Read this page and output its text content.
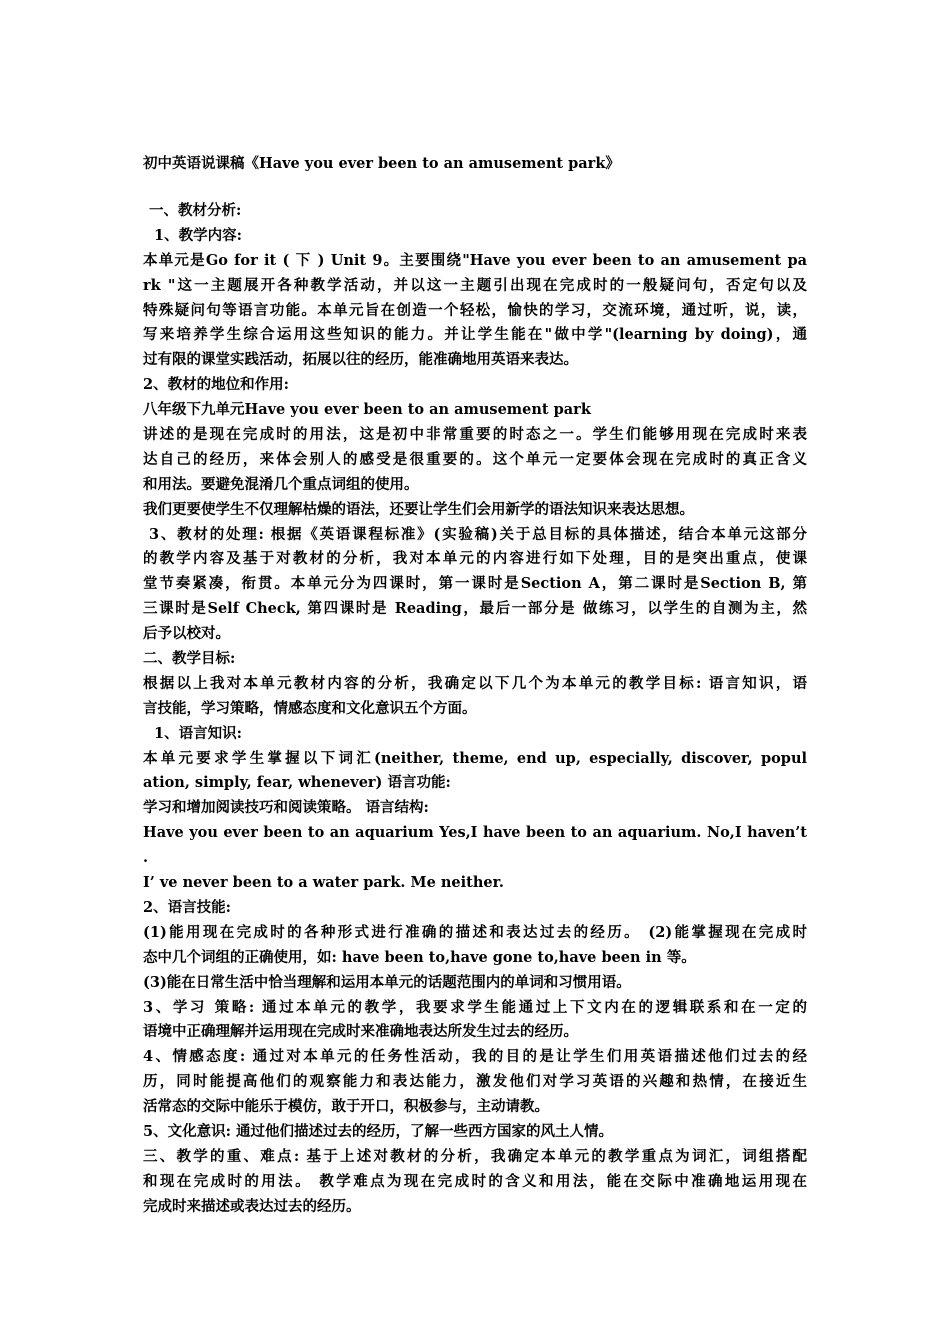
初中英语说课稿《Have you ever been to an amusement park》
一、教材分析:
1、教学内容:
本单元是Go for it ( 下 ) Unit 9。主要围绕"Have you ever been to an amusement pa
rk "这一主题展开各种教学活动，并以这一主题引出现在完成时的一般疑问句，否定句以及
特殊疑问句等语言功能。本单元旨在创造一个轻松，愉快的学习，交流环境，通过听，说，读，
写来培养学生综合运用这些知识的能力。并让学生能在"做中学"(learning by doing)，通
过有限的课堂实践活动，拓展以往的经历，能准确地用英语来表达。
2、教材的地位和作用:
八年级下九单元Have you ever been to an amusement park
讲述的是现在完成时的用法，这是初中非常重要的时态之一。学生们能够用现在完成时来表
达自己的经历，来体会别人的感受是很重要的。这个单元一定要体会现在完成时的真正含义
和用法。要避免混淆几个重点词组的使用。
我们更要使学生不仅理解枯燥的语法，还要让学生们会用新学的语法知识来表达思想。
3、教材的处理: 根据《英语课程标准》(实验稿)关于总目标的具体描述，结合本单元这部分
的教学内容及基于对教材的分析，我对本单元的内容进行如下处理，目的是突出重点，使课
堂节奏紧凑，衔贯。本单元分为四课时，第一课时是Section A，第二课时是Section B, 第
三课时是Self Check, 第四课时是 Reading，最后一部分是 做练习，以学生的自测为主，然
后予以校对。
二、教学目标:
根据以上我对本单元教材内容的分析，我确定以下几个为本单元的教学目标: 语言知识，语
言技能，学习策略，情感态度和文化意识五个方面。
1、语言知识:
本单元要求学生掌握以下词汇(neither, theme, end up, especially, discover, popul
ation, simply, fear, whenever) 语言功能:
学习和增加阅读技巧和阅读策略。 语言结构:
Have you ever been to an aquarium Yes,I have been to an aquarium. No,I haven’t
.
I’ ve never been to a water park. Me neither.
2、语言技能:
(1)能用现在完成时的各种形式进行准确的描述和表达过去的经历。 (2)能掌握现在完成时
态中几个词组的正确使用，如: have been to,have gone to,have been in 等。
(3)能在日常生活中恰当理解和运用本单元的话题范围内的单词和习惯用语。
3、学习 策略: 通过本单元的教学，我要求学生能通过上下文内在的逻辑联系和在一定的
语境中正确理解并运用现在完成时来准确地表达所发生过去的经历。
4、情感态度: 通过对本单元的任务性活动，我的目的是让学生们用英语描述他们过去的经
历，同时能提高他们的观察能力和表达能力，激发他们对学习英语的兴趣和热情，在接近生
活常态的交际中能乐于模仿，敢于开口，积极参与，主动请教。
5、文化意识: 通过他们描述过去的经历，了解一些西方国家的风土人情。
三、教学的重、难点: 基于上述对教材的分析，我确定本单元的教学重点为词汇，词组搭配
和现在完成时的用法。 教学难点为现在完成时的含义和用法，能在交际中准确地运用现在
完成时来描述或表达过去的经历。
